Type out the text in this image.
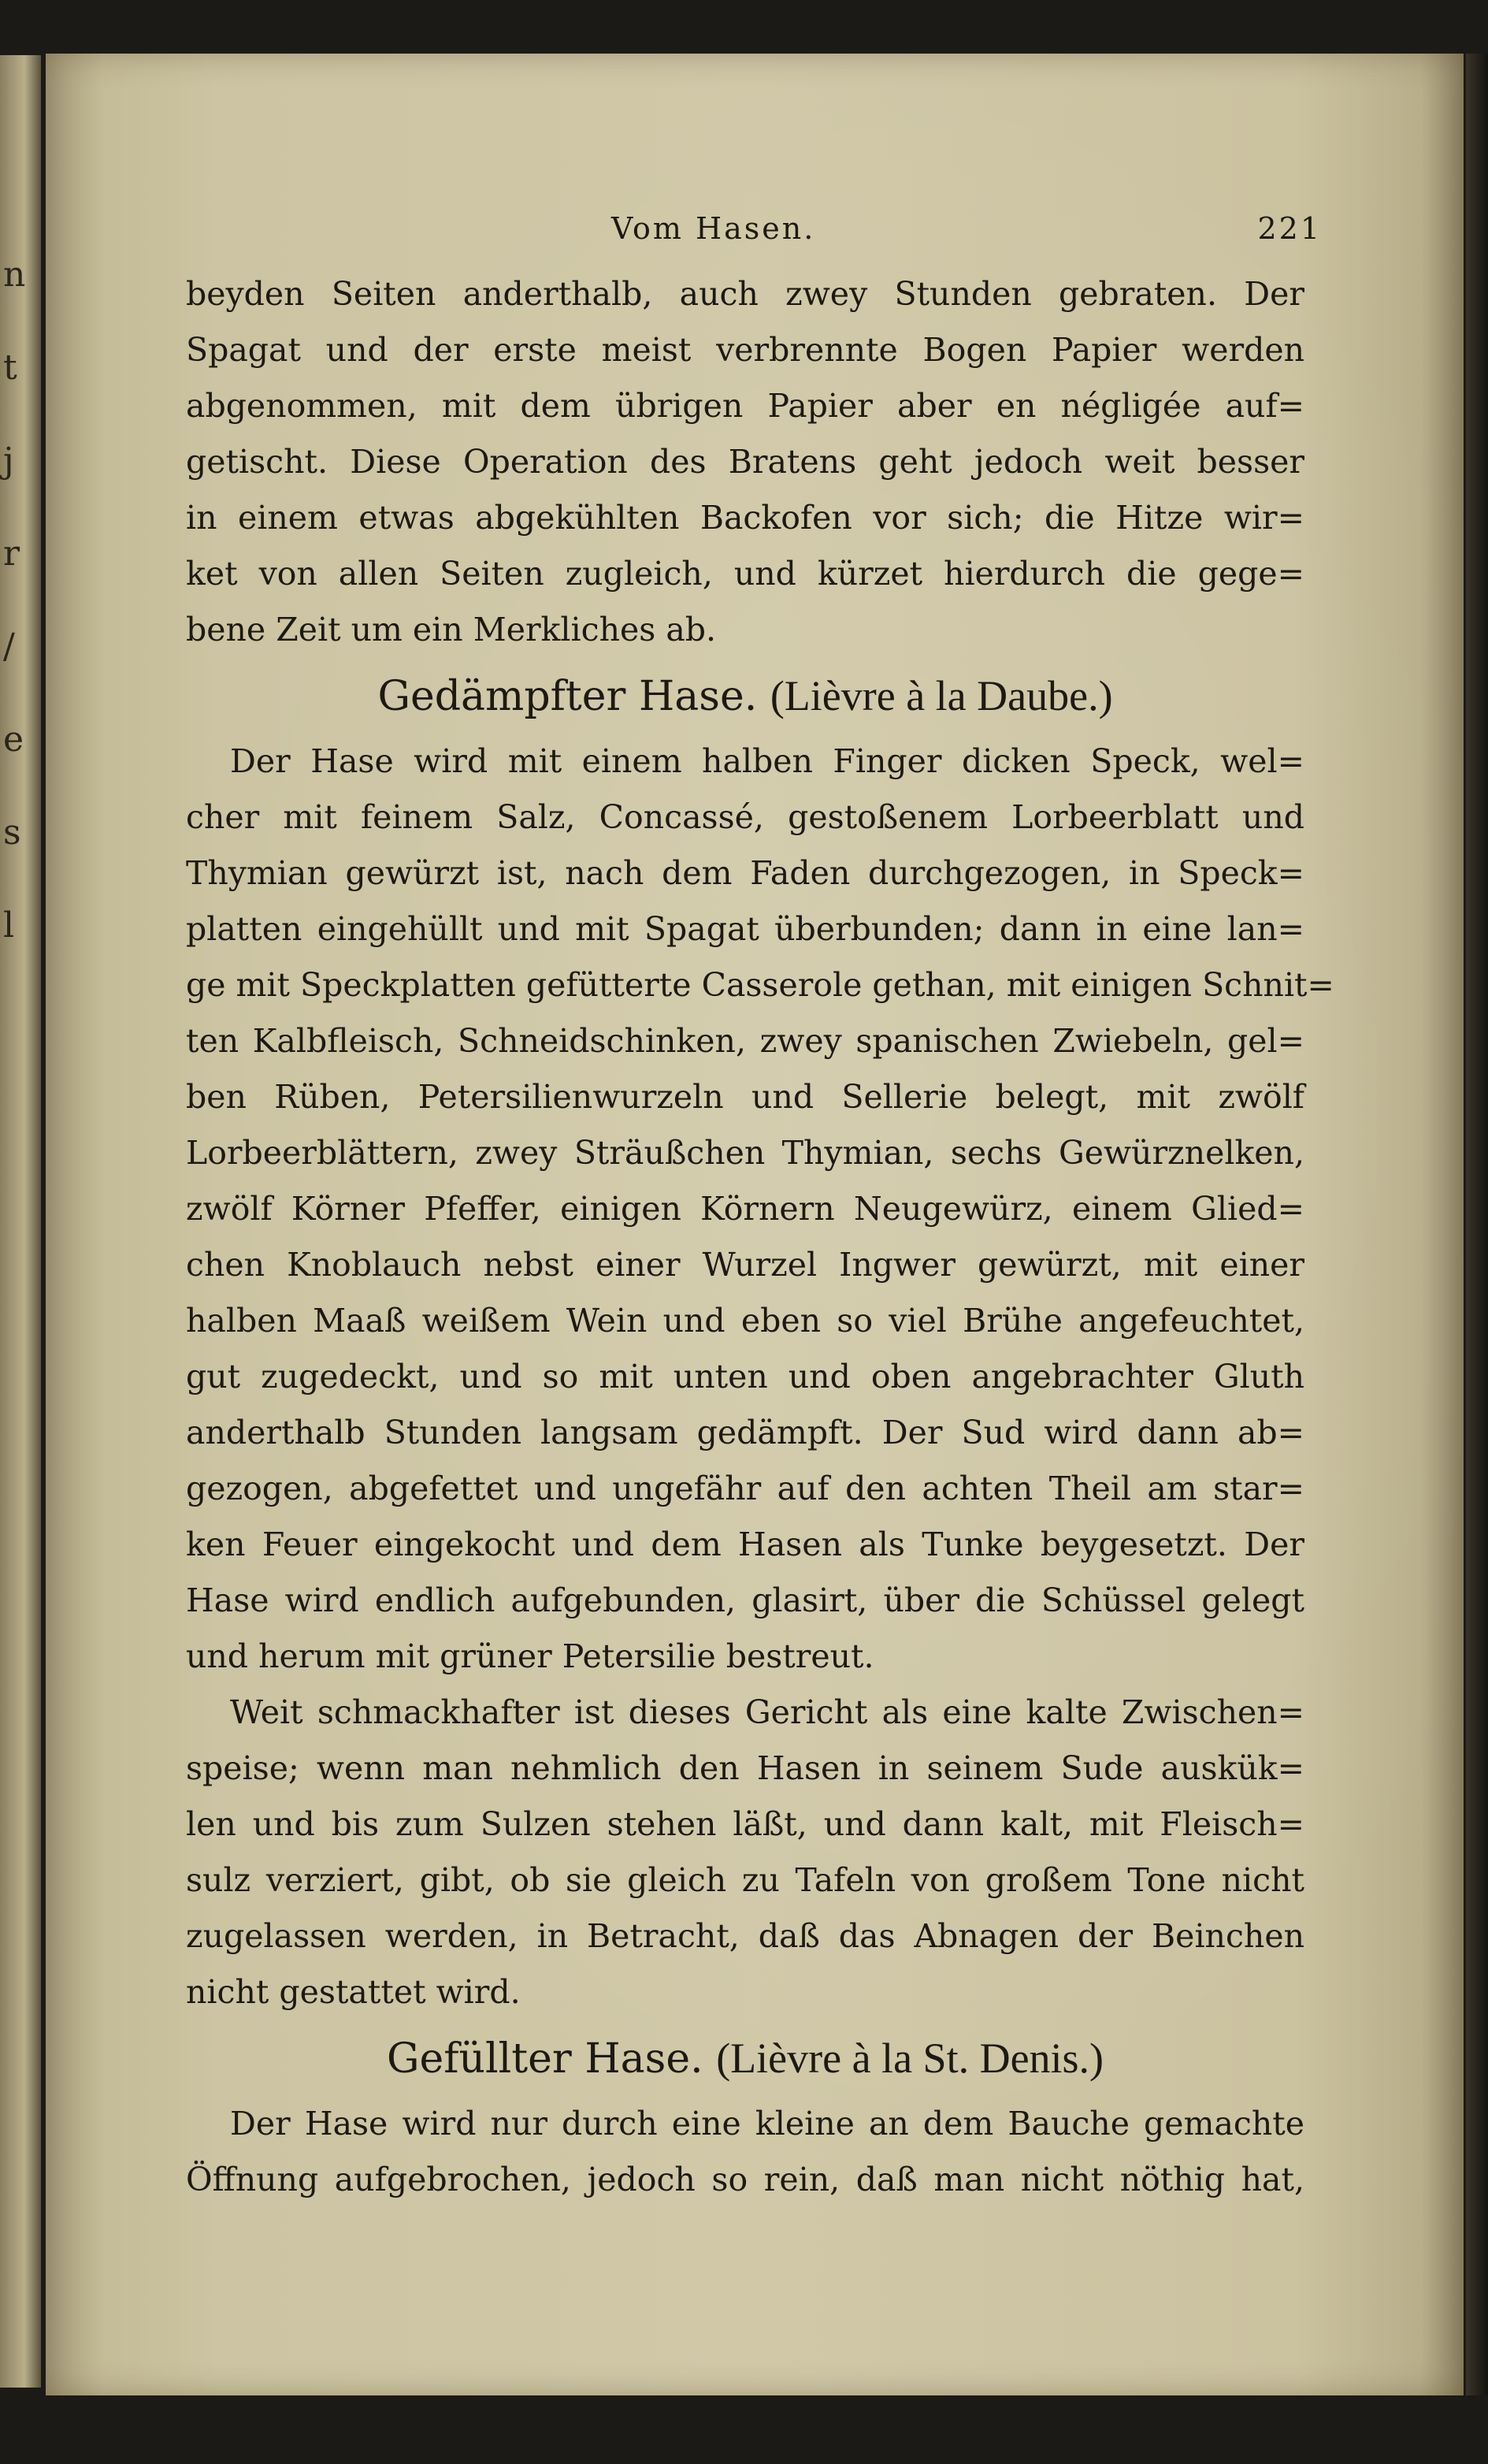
n
t
j
r
/
e
s
l
Vom Hasen.	221
beyden Seiten anderthalb, auch zwey Stunden gebraten. Der
Spagat und der erste meist verbrennte Bogen Papier werden
abgenommen, mit dem übrigen Papier aber en négligée auf=
getischt. Diese Operation des Bratens geht jedoch weit besser
in einem etwas abgekühlten Backofen vor sich; die Hitze wir=
ket von allen Seiten zugleich, und kürzet hierdurch die gege=
bene Zeit um ein Merkliches ab.
Gedämpfter Hase. (Lièvre à la Daube.)
Der Hase wird mit einem halben Finger dicken Speck, wel=
cher mit feinem Salz, Concassé, gestoßenem Lorbeerblatt und
Thymian gewürzt ist, nach dem Faden durchgezogen, in Speck=
platten eingehüllt und mit Spagat überbunden; dann in eine lan=
ge mit Speckplatten gefütterte Casserole gethan, mit einigen Schnit=
ten Kalbfleisch, Schneidschinken, zwey spanischen Zwiebeln, gel=
ben Rüben, Petersilienwurzeln und Sellerie belegt, mit zwölf
Lorbeerblättern, zwey Sträußchen Thymian, sechs Gewürznelken,
zwölf Körner Pfeffer, einigen Körnern Neugewürz, einem Glied=
chen Knoblauch nebst einer Wurzel Ingwer gewürzt, mit einer
halben Maaß weißem Wein und eben so viel Brühe angefeuchtet,
gut zugedeckt, und so mit unten und oben angebrachter Gluth
anderthalb Stunden langsam gedämpft. Der Sud wird dann ab=
gezogen, abgefettet und ungefähr auf den achten Theil am star=
ken Feuer eingekocht und dem Hasen als Tunke beygesetzt. Der
Hase wird endlich aufgebunden, glasirt, über die Schüssel gelegt
und herum mit grüner Petersilie bestreut.
Weit schmackhafter ist dieses Gericht als eine kalte Zwischen=
speise; wenn man nehmlich den Hasen in seinem Sude auskük=
len und bis zum Sulzen stehen läßt, und dann kalt, mit Fleisch=
sulz verziert, gibt, ob sie gleich zu Tafeln von großem Tone nicht
zugelassen werden, in Betracht, daß das Abnagen der Beinchen
nicht gestattet wird.
Gefüllter Hase. (Lièvre à la St. Denis.)
Der Hase wird nur durch eine kleine an dem Bauche gemachte
Öffnung aufgebrochen, jedoch so rein, daß man nicht nöthig hat,
